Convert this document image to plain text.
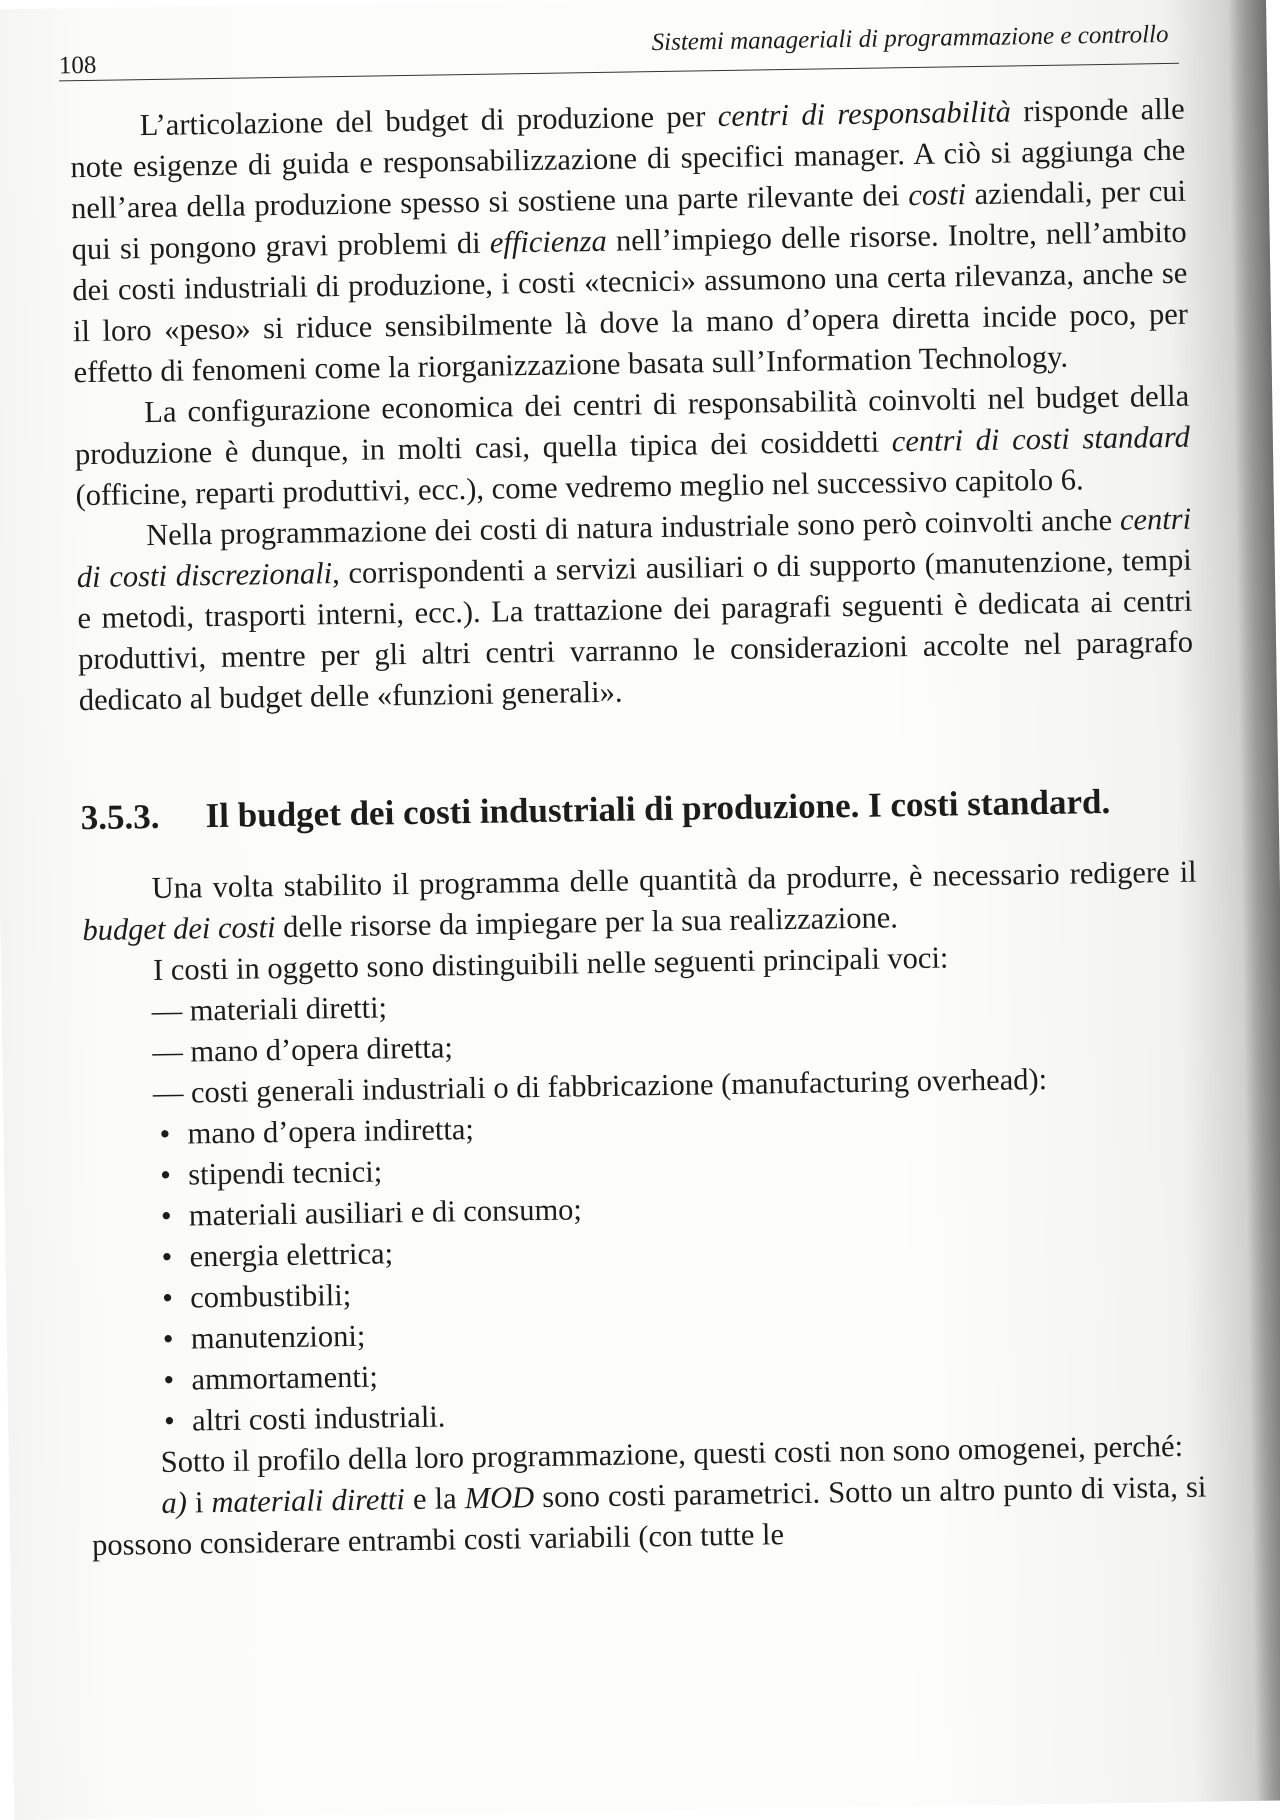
108
Sistemi manageriali di programmazione e controllo

L’articolazione del budget di produzione per centri di responsabilità risponde alle note esigenze di guida e responsabilizzazione di specifici manager. A ciò si aggiunga che nell’area della produzione spesso si sostiene una parte rilevante dei costi aziendali, per cui qui si pongono gravi problemi di efficienza nell’impiego delle risorse. Inoltre, nell’ambito dei costi industriali di produzione, i costi «tecnici» assumono una certa rilevanza, anche se il loro «peso» si riduce sensibilmente là dove la mano d’opera diretta incide poco, per effetto di fenomeni come la riorganizzazione basata sull’Information Technology.

La configurazione economica dei centri di responsabilità coinvolti nel budget della produzione è dunque, in molti casi, quella tipica dei cosiddetti centri di costi standard (officine, reparti produttivi, ecc.), come vedremo meglio nel successivo capitolo 6.

Nella programmazione dei costi di natura industriale sono però coinvolti anche centri di costi discrezionali, corrispondenti a servizi ausiliari o di supporto (manutenzione, tempi e metodi, trasporti interni, ecc.). La trattazione dei paragrafi seguenti è dedicata ai centri produttivi, mentre per gli altri centri varranno le considerazioni accolte nel paragrafo dedicato al budget delle «funzioni generali».

3.5.3.	Il budget dei costi industriali di produzione. I costi standard.

Una volta stabilito il programma delle quantità da produrre, è necessario redigere il budget dei costi delle risorse da impiegare per la sua realizzazione.

I costi in oggetto sono distinguibili nelle seguenti principali voci:

— materiali diretti;
— mano d’opera diretta;
— costi generali industriali o di fabbricazione (manufacturing overhead):
• mano d’opera indiretta;
• stipendi tecnici;
• materiali ausiliari e di consumo;
• energia elettrica;
• combustibili;
• manutenzioni;
• ammortamenti;
• altri costi industriali.

Sotto il profilo della loro programmazione, questi costi non sono omogenei, perché:

a) i materiali diretti e la MOD sono costi parametrici. Sotto un altro punto di vista, si possono considerare entrambi costi variabili (con tutte le
